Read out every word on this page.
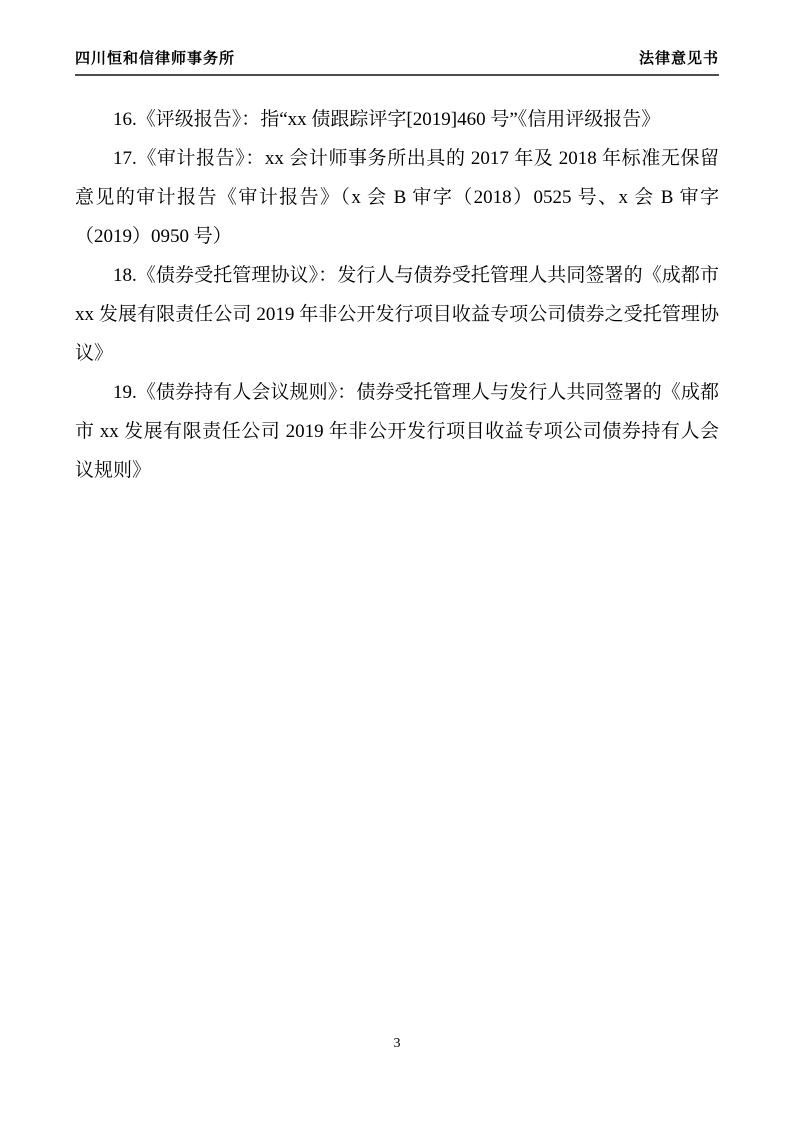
四川恒和信律师事务所	法律意见书

16.《评级报告》：指“xx 债跟踪评字[2019]460 号”《信用评级报告》

17.《审计报告》：xx 会计师事务所出具的 2017 年及 2018 年标准无保留意见的审计报告《审计报告》（x 会 B 审字（2018）0525 号、x 会 B 审字（2019）0950 号）

18.《债券受托管理协议》：发行人与债券受托管理人共同签署的《成都市 xx 发展有限责任公司 2019 年非公开发行项目收益专项公司债券之受托管理协议》

19.《债券持有人会议规则》：债券受托管理人与发行人共同签署的《成都市 xx 发展有限责任公司 2019 年非公开发行项目收益专项公司债券持有人会议规则》

3
